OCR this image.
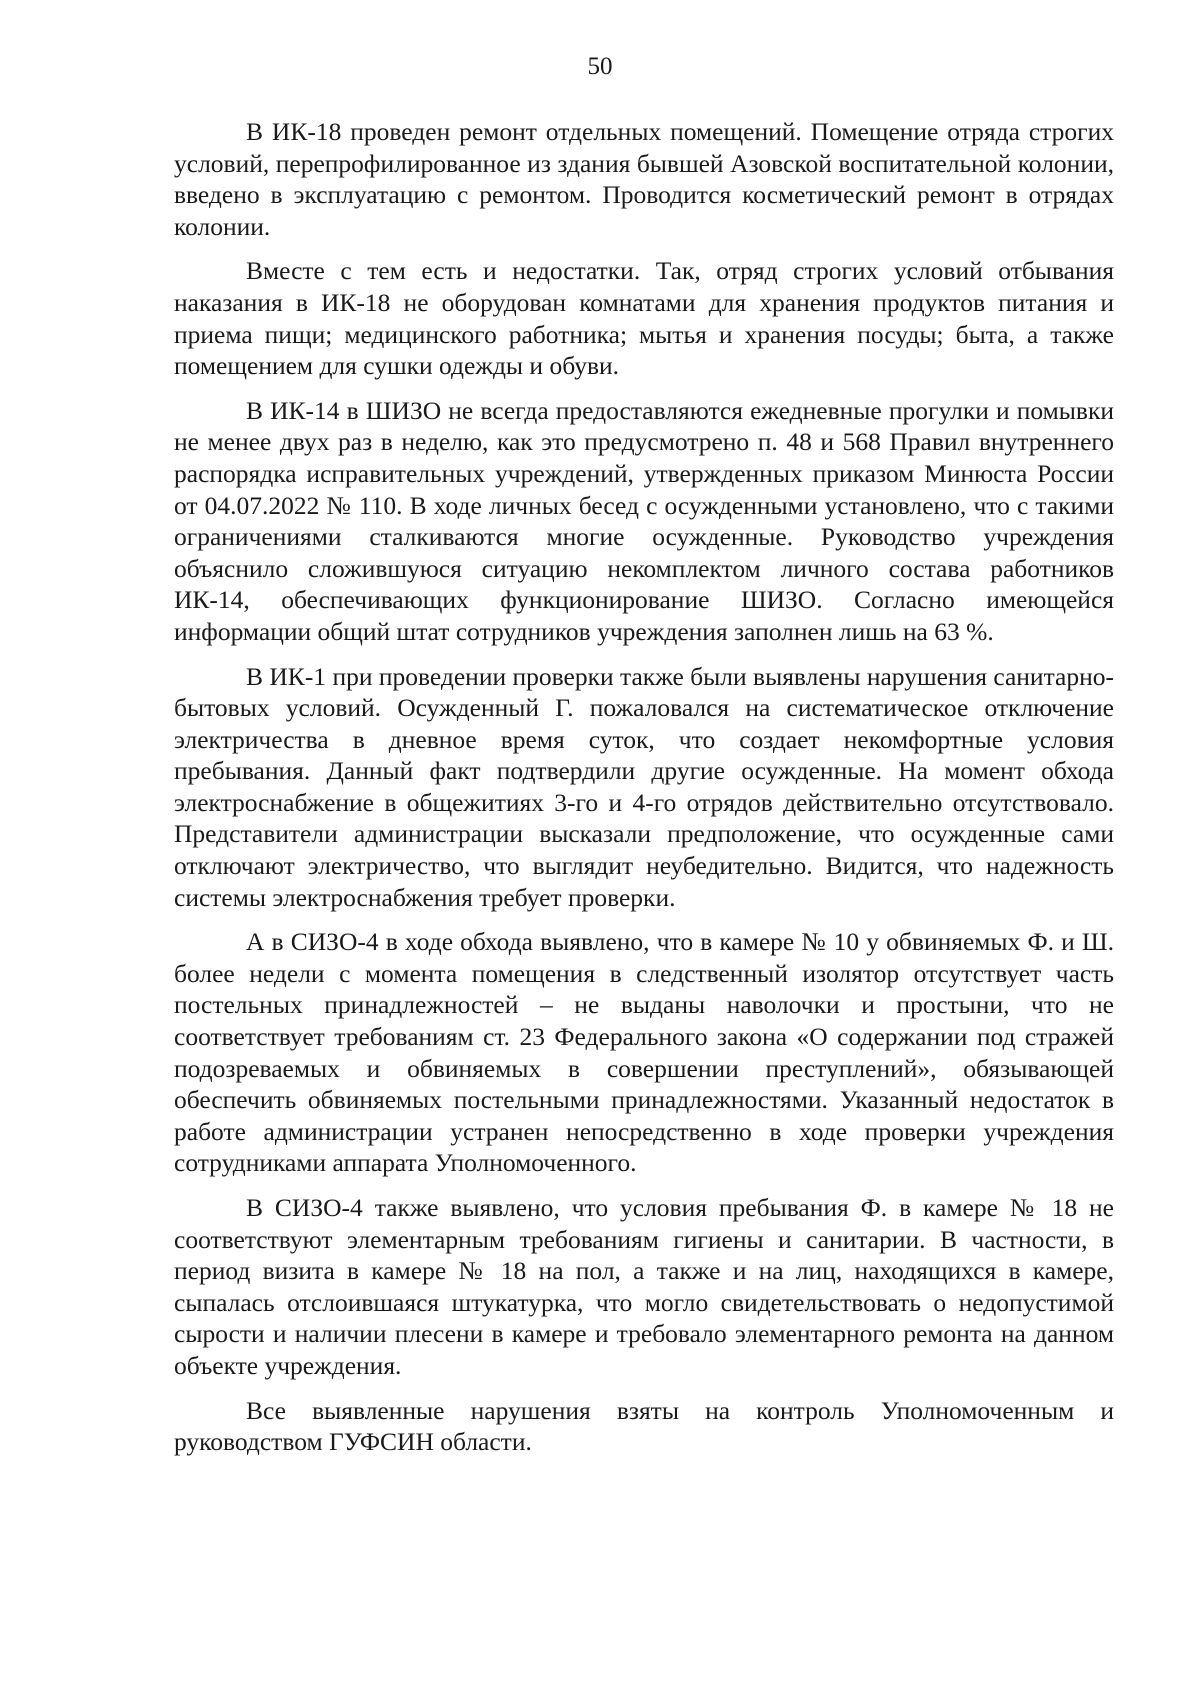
50

В ИК-18 проведен ремонт отдельных помещений. Помещение отряда строгих условий, перепрофилированное из здания бывшей Азовской воспитательной колонии, введено в эксплуатацию с ремонтом. Проводится косметический ремонт в отрядах колонии.

Вместе с тем есть и недостатки. Так, отряд строгих условий отбывания наказания в ИК-18 не оборудован комнатами для хранения продуктов питания и приема пищи; медицинского работника; мытья и хранения посуды; быта, а также помещением для сушки одежды и обуви.

В ИК-14 в ШИЗО не всегда предоставляются ежедневные прогулки и помывки не менее двух раз в неделю, как это предусмотрено п. 48 и 568 Правил внутреннего распорядка исправительных учреждений, утвержденных приказом Минюста России от 04.07.2022 № 110. В ходе личных бесед с осужденными установлено, что с такими ограничениями сталкиваются многие осужденные. Руководство учреждения объяснило сложившуюся ситуацию некомплектом личного состава работников ИК-14, обеспечивающих функционирование ШИЗО. Согласно имеющейся информации общий штат сотрудников учреждения заполнен лишь на 63 %.

В ИК-1 при проведении проверки также были выявлены нарушения санитарно-бытовых условий. Осужденный Г. пожаловался на систематическое отключение электричества в дневное время суток, что создает некомфортные условия пребывания. Данный факт подтвердили другие осужденные. На момент обхода электроснабжение в общежитиях 3-го и 4-го отрядов действительно отсутствовало. Представители администрации высказали предположение, что осужденные сами отключают электричество, что выглядит неубедительно. Видится, что надежность системы электроснабжения требует проверки.

А в СИЗО-4 в ходе обхода выявлено, что в камере № 10 у обвиняемых Ф. и Ш. более недели с момента помещения в следственный изолятор отсутствует часть постельных принадлежностей – не выданы наволочки и простыни, что не соответствует требованиям ст. 23 Федерального закона «О содержании под стражей подозреваемых и обвиняемых в совершении преступлений», обязывающей обеспечить обвиняемых постельными принадлежностями. Указанный недостаток в работе администрации устранен непосредственно в ходе проверки учреждения сотрудниками аппарата Уполномоченного.

В СИЗО-4 также выявлено, что условия пребывания Ф. в камере № 18 не соответствуют элементарным требованиям гигиены и санитарии. В частности, в период визита в камере № 18 на пол, а также и на лиц, находящихся в камере, сыпалась отслоившаяся штукатурка, что могло свидетельствовать о недопустимой сырости и наличии плесени в камере и требовало элементарного ремонта на данном объекте учреждения.

Все выявленные нарушения взяты на контроль Уполномоченным и руководством ГУФСИН области.
